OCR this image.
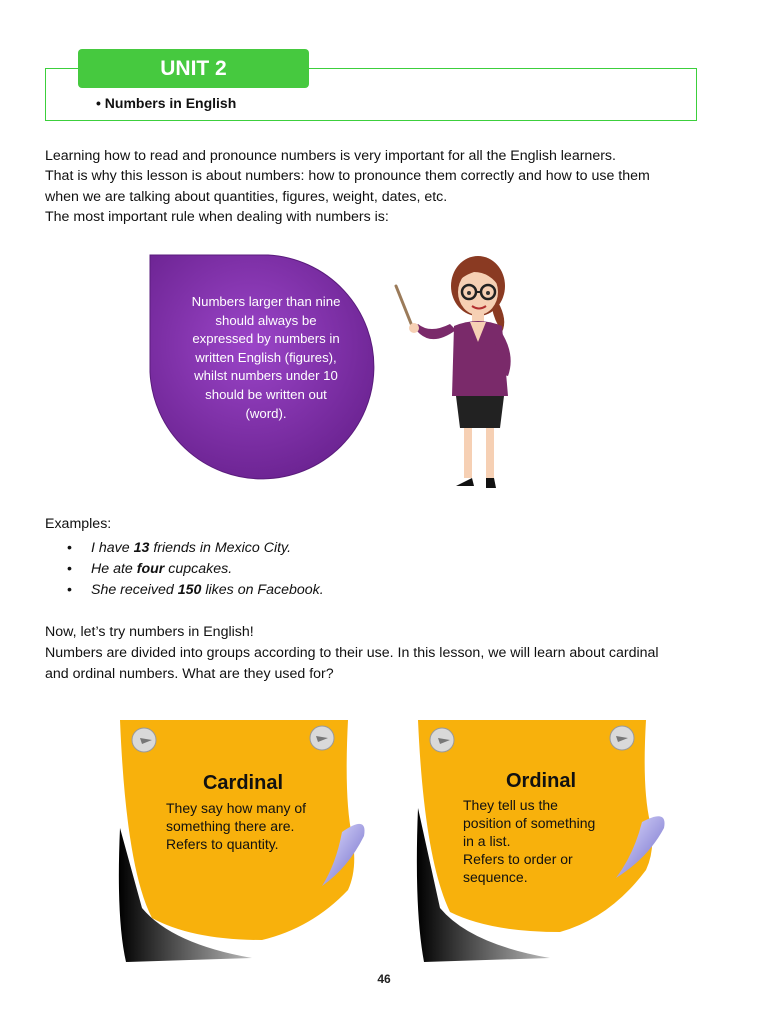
UNIT 2
• Numbers in English
Learning how to read and pronounce numbers is very important for all the English learners.
That is why this lesson is about numbers: how to pronounce them correctly and how to use them
when we are talking about quantities, figures, weight, dates, etc.
The most important rule when dealing with numbers is:
Numbers larger than nine should always be expressed by numbers in written English (figures), whilst numbers under 10 should be written out (word).
Examples:
• I have 13 friends in Mexico City.
• He ate four cupcakes.
• She received 150 likes on Facebook.
Now, let’s try numbers in English!
Numbers are divided into groups according to their use. In this lesson, we will learn about cardinal
and ordinal numbers. What are they used for?
Cardinal
They say how many of
something there are.
Refers to quantity.
Ordinal
They tell us the
position of something
in a list.
Refers to order or
sequence.
46
